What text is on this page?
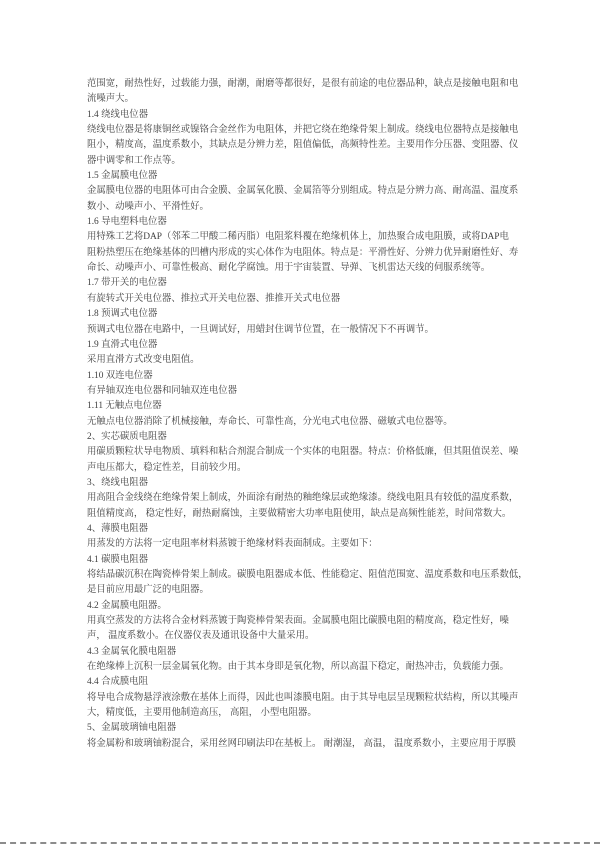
范围宽，耐热性好，过载能力强，耐潮，耐磨等都很好，是很有前途的电位器品种，缺点是接触电阻和电
流噪声大。
1.4 绕线电位器
绕线电位器是将康铜丝或镍铬合金丝作为电阻体，并把它绕在绝缘骨架上制成。绕线电位器特点是接触电
阻小，精度高，温度系数小，其缺点是分辨力差，阻值偏低，高频特性差。主要用作分压器、变阻器、仪
器中调零和工作点等。
1.5 金属膜电位器
金属膜电位器的电阻体可由合金膜、金属氧化膜、金属箔等分别组成。特点是分辨力高、耐高温、温度系
数小、动噪声小、平滑性好。
1.6 导电塑料电位器
用特殊工艺将DAP（邻苯二甲酸二稀丙脂）电阻浆料覆在绝缘机体上，加热聚合成电阻膜，或将DAP电
阻粉热塑压在绝缘基体的凹槽内形成的实心体作为电阻体。特点是：平滑性好、分辨力优异耐磨性好、寿
命长、动噪声小、可靠性极高、耐化学腐蚀。用于宇宙装置、导弹、飞机雷达天线的伺服系统等。
1.7 带开关的电位器
有旋转式开关电位器、推拉式开关电位器、推推开关式电位器
1.8 预调式电位器
预调式电位器在电路中，一旦调试好，用蜡封住调节位置，在一般情况下不再调节。
1.9 直滑式电位器
采用直滑方式改变电阻值。
1.10 双连电位器
有异轴双连电位器和同轴双连电位器
1.11 无触点电位器
无触点电位器消除了机械接触，寿命长、可靠性高，分光电式电位器、磁敏式电位器等。
2、实芯碳质电阻器
用碳质颗粒状导电物质、填料和粘合剂混合制成一个实体的电阻器。特点：价格低廉，但其阻值误差、噪
声电压都大，稳定性差，目前较少用。
3、绕线电阻器
用高阻合金线绕在绝缘骨架上制成，外面涂有耐热的釉绝缘层或绝缘漆。绕线电阻具有较低的温度系数，
阻值精度高， 稳定性好，耐热耐腐蚀，主要做精密大功率电阻使用，缺点是高频性能差，时间常数大。
4、薄膜电阻器
用蒸发的方法将一定电阻率材料蒸镀于绝缘材料表面制成。主要如下：
4.1 碳膜电阻器
将结晶碳沉积在陶瓷棒骨架上制成。碳膜电阻器成本低、性能稳定、阻值范围宽、温度系数和电压系数低，
是目前应用最广泛的电阻器。
4.2 金属膜电阻器。
用真空蒸发的方法将合金材料蒸镀于陶瓷棒骨架表面。金属膜电阻比碳膜电阻的精度高，稳定性好，噪
声， 温度系数小。在仪器仪表及通讯设备中大量采用。
4.3 金属氧化膜电阻器
在绝缘棒上沉积一层金属氧化物。由于其本身即是氧化物，所以高温下稳定，耐热冲击，负载能力强。
4.4 合成膜电阻
将导电合成物悬浮液涂敷在基体上而得，因此也叫漆膜电阻。由于其导电层呈现颗粒状结构，所以其噪声
大，精度低，主要用他制造高压， 高阻， 小型电阻器。
5、金属玻璃铀电阻器
将金属粉和玻璃铀粉混合，采用丝网印刷法印在基板上。 耐潮湿， 高温， 温度系数小，主要应用于厚膜
